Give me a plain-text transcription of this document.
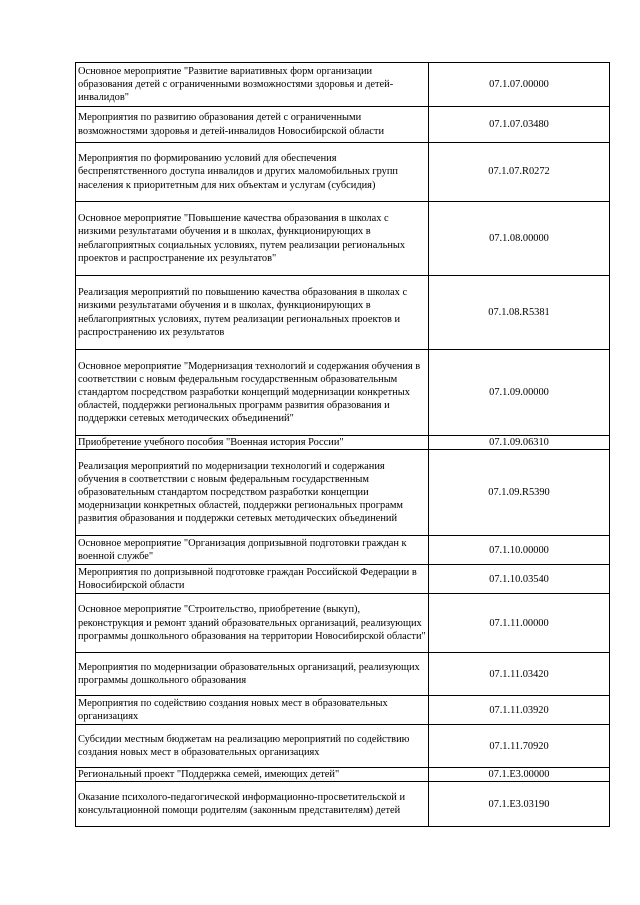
Основное мероприятие "Развитие вариативных форм организации образования детей с ограниченными возможностями здоровья и детей-инвалидов"	07.1.07.00000
Мероприятия по развитию образования детей с ограниченными возможностями здоровья и детей-инвалидов Новосибирской области	07.1.07.03480
Мероприятия по формированию условий для обеспечения беспрепятственного доступа инвалидов и других маломобильных групп населения к приоритетным для них объектам и услугам (субсидия)	07.1.07.R0272
Основное мероприятие "Повышение качества образования в школах с низкими результатами обучения и в школах, функционирующих в неблагоприятных социальных условиях, путем реализации региональных проектов и распространение их результатов"	07.1.08.00000
Реализация мероприятий по повышению качества образования в школах с низкими результатами обучения и в школах, функционирующих в неблагоприятных условиях, путем реализации региональных проектов и распространению их результатов	07.1.08.R5381
Основное мероприятие "Модернизация технологий и содержания обучения в соответствии с новым федеральным государственным образовательным стандартом посредством разработки концепций модернизации конкретных областей, поддержки региональных программ развития образования и поддержки сетевых методических объединений"	07.1.09.00000
Приобретение учебного пособия "Военная история России"	07.1.09.06310
Реализация мероприятий по модернизации технологий и содержания обучения в соответствии с новым федеральным государственным образовательным стандартом посредством разработки концепции модернизации конкретных областей, поддержки региональных программ развития образования и поддержки сетевых методических объединений	07.1.09.R5390
Основное мероприятие "Организация допризывной подготовки граждан к военной службе"	07.1.10.00000
Мероприятия по допризывной подготовке граждан Российской Федерации в Новосибирской области	07.1.10.03540
Основное мероприятие "Строительство, приобретение (выкуп), реконструкция и ремонт зданий образовательных организаций, реализующих программы дошкольного образования на территории Новосибирской области"	07.1.11.00000
Мероприятия по модернизации образовательных организаций, реализующих программы дошкольного образования	07.1.11.03420
Мероприятия по содействию создания новых мест в образовательных организациях	07.1.11.03920
Субсидии местным бюджетам на реализацию мероприятий по содействию создания новых мест в образовательных организациях	07.1.11.70920
Региональный проект "Поддержка семей, имеющих детей"	07.1.E3.00000
Оказание психолого-педагогической информационно-просветительской и консультационной помощи родителям (законным представителям) детей	07.1.E3.03190
